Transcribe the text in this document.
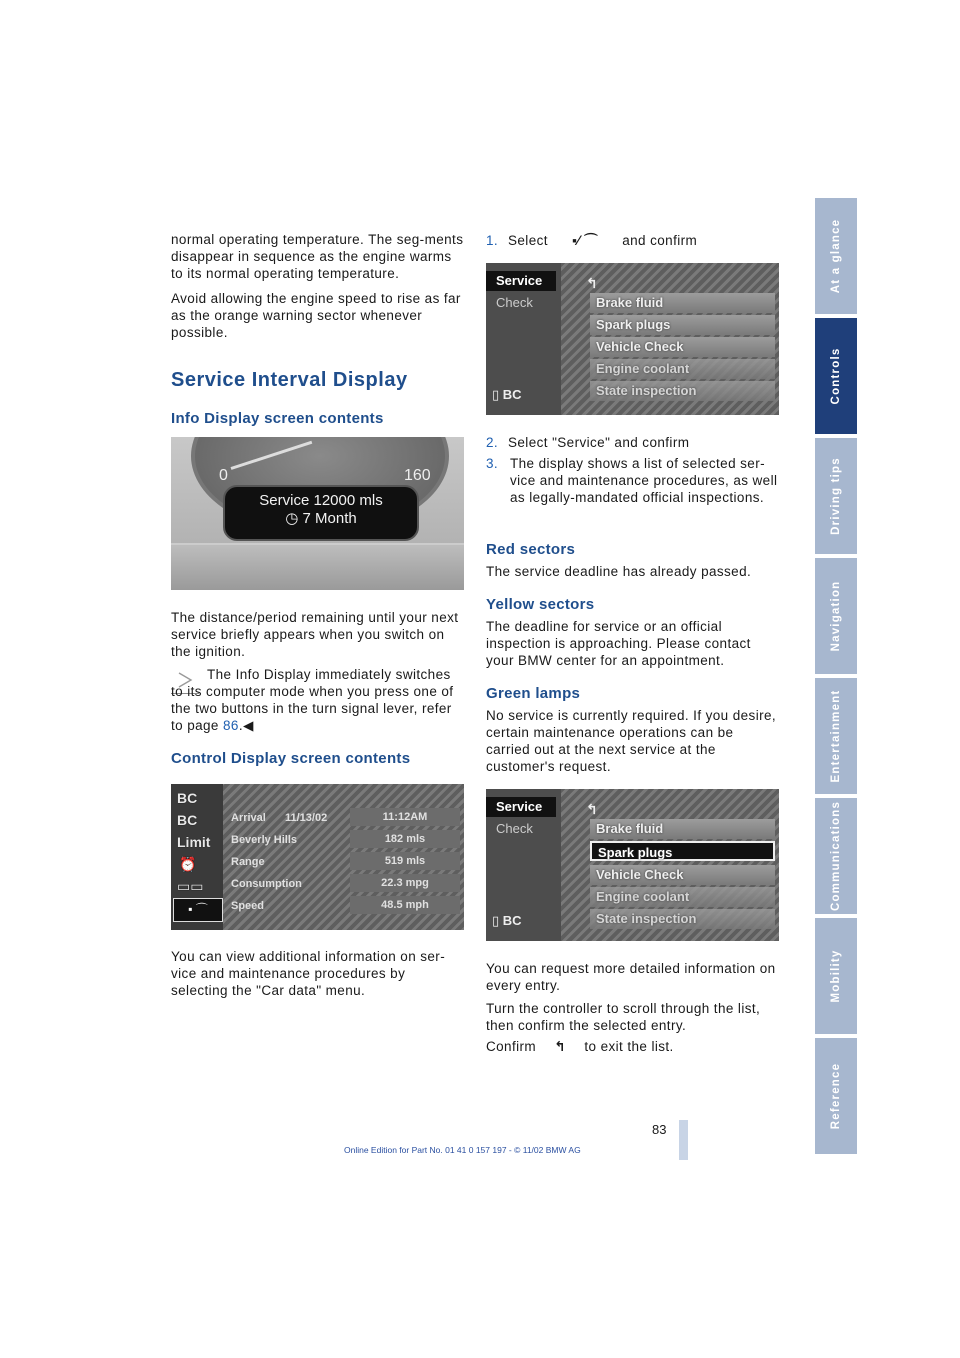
normal operating temperature. The seg-ments disappear in sequence as the engine warms to its normal operating temperature.

Avoid allowing the engine speed to rise as far as the orange warning sector whenever possible.

Service Interval Display
Info Display screen contents
0	160
Service 12000 mls
◷ 7 Month
The distance/period remaining until your next service briefly appears when you switch on the ignition.
The Info Display immediately switches to its computer mode when you press one of the two buttons in the turn signal lever, refer to page 86.◀
Control Display screen contents
BC
BC
Limit
⏰
▭▭
▪ ⌒
Arrival 11/13/02	11:12AM
Beverly Hills	182 mls
Range	519 mls
Consumption	22.3 mpg
Speed	48.5 mph
You can view additional information on ser-vice and maintenance procedures by selecting the "Car data" menu.
1. Select ▪⁄ ⌒ and confirm
Service
Check
▯ BC
↰
Brake fluid
Spark plugs
Vehicle Check
Engine coolant
State inspection
2. Select "Service" and confirm
3. The display shows a list of selected ser-vice and maintenance procedures, as well as legally-mandated official inspections.
Red sectors
The service deadline has already passed.
Yellow sectors
The deadline for service or an official inspection is approaching. Please contact your BMW center for an appointment.
Green lamps
No service is currently required. If you desire, certain maintenance operations can be carried out at the next service at the customer's request.
Service
Check
▯ BC
↰
Brake fluid
Spark plugs
Vehicle Check
Engine coolant
State inspection
You can request more detailed information on every entry.
Turn the controller to scroll through the list, then confirm the selected entry.
Confirm ↰ to exit the list.
At a glance
Controls
Driving tips
Navigation
Entertainment
Communications
Mobility
Reference
83
Online Edition for Part No. 01 41 0 157 197 - © 11/02 BMW AG
